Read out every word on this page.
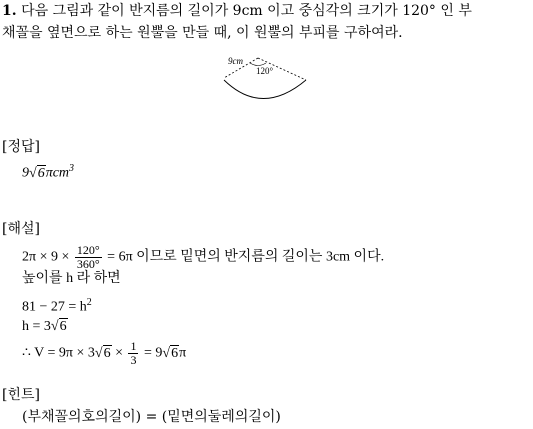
1. 다음 그림과 같이 반지름의 길이가 9cm 이고 중심각의 크기가 120° 인 부
채꼴을 옆면으로 하는 원뿔을 만들 때, 이 원뿔의 부피를 구하여라.
9cm
120°
[정답]
9√6πcm$^3$
[해설]
$2\pi \times 9 \times \frac{120^\circ}{360^\circ} = 6\pi$ 이므로 밑면의 반지름의 길이는 3cm 이다.
높이를 h 라 하면
$81 - 27 = h^2$
h = 3√6
∴ $V = 9\pi \times 3√6 \times \frac{1}{3} = 9√6\pi$
[힌트]
(부채꼴의호의길이) = (밑면의둘레의길이)
